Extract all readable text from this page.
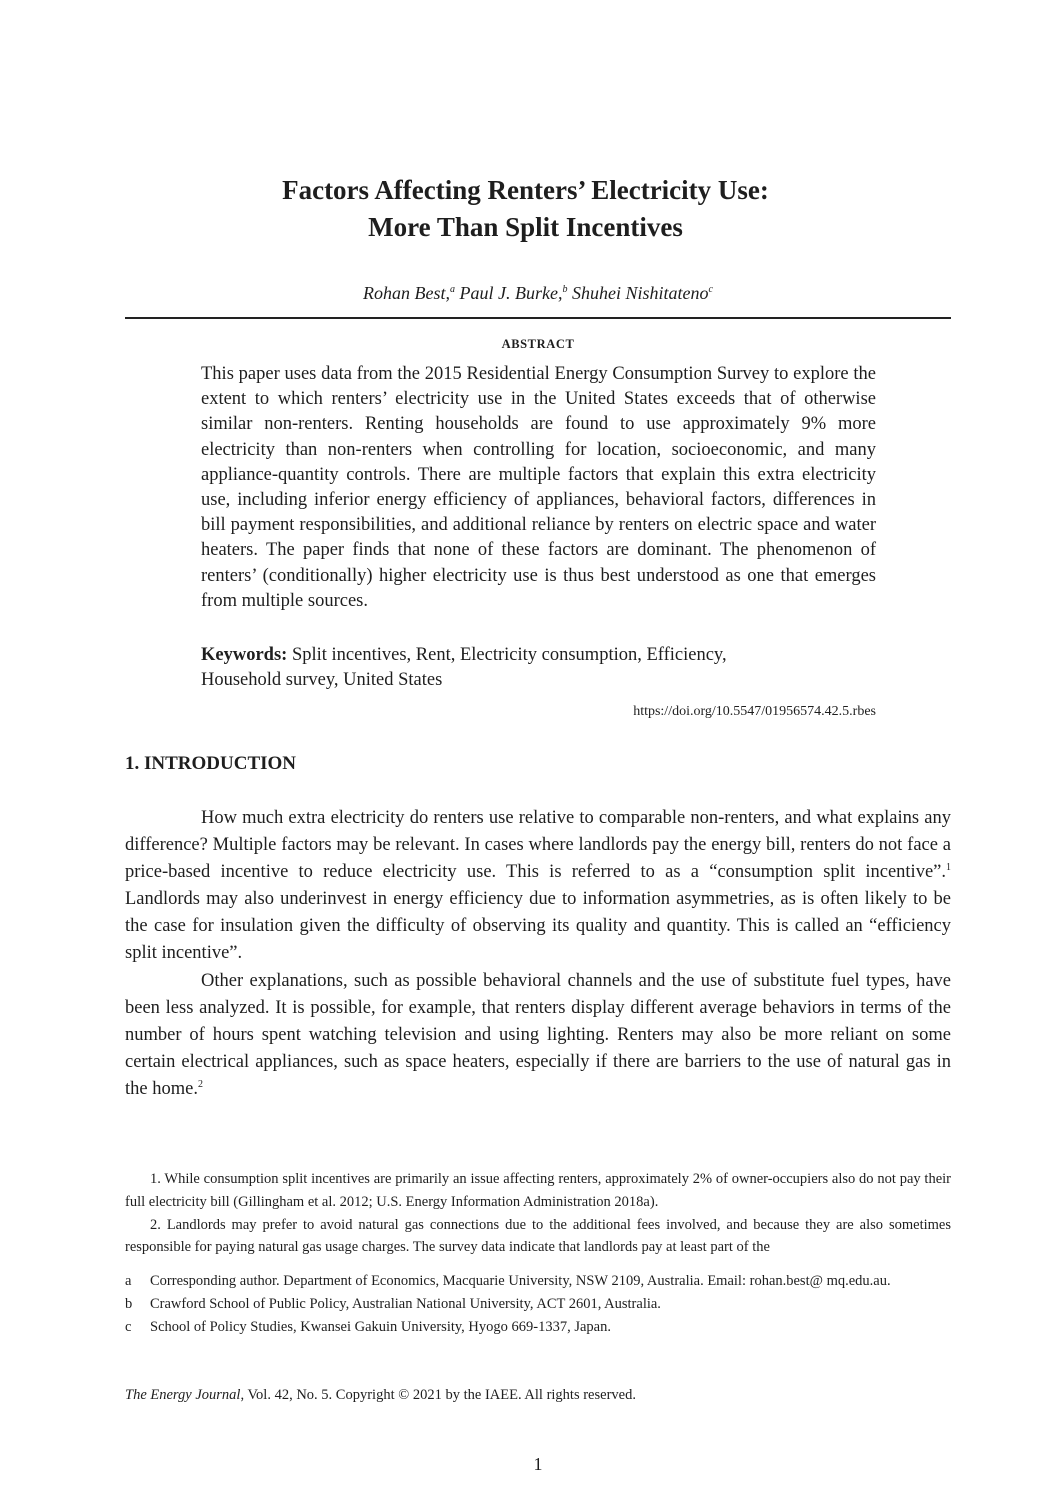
Factors Affecting Renters’ Electricity Use:
More Than Split Incentives

Rohan Best,$^a$ Paul J. Burke,$^b$ Shuhei Nishitateno$^c$

ABSTRACT

This paper uses data from the 2015 Residential Energy Consumption Survey to explore the extent to which renters’ electricity use in the United States exceeds that of otherwise similar non-renters. Renting households are found to use approximately 9% more electricity than non-renters when controlling for location, socioeconomic, and many appliance-quantity controls. There are multiple factors that explain this extra electricity use, including inferior energy efficiency of appliances, behavioral factors, differences in bill payment responsibilities, and additional reliance by renters on electric space and water heaters. The paper finds that none of these factors are dominant. The phenomenon of renters’ (conditionally) higher electricity use is thus best understood as one that emerges from multiple sources.

Keywords: Split incentives, Rent, Electricity consumption, Efficiency,
Household survey, United States

https://doi.org/10.5547/01956574.42.5.rbes

1. INTRODUCTION

How much extra electricity do renters use relative to comparable non-renters, and what explains any difference? Multiple factors may be relevant. In cases where landlords pay the energy bill, renters do not face a price-based incentive to reduce electricity use. This is referred to as a “consumption split incentive”.$^1$ Landlords may also underinvest in energy efficiency due to information asymmetries, as is often likely to be the case for insulation given the difficulty of observing its quality and quantity. This is called an “efficiency split incentive”.

Other explanations, such as possible behavioral channels and the use of substitute fuel types, have been less analyzed. It is possible, for example, that renters display different average behaviors in terms of the number of hours spent watching television and using lighting. Renters may also be more reliant on some certain electrical appliances, such as space heaters, especially if there are barriers to the use of natural gas in the home.$^2$

1. While consumption split incentives are primarily an issue affecting renters, approximately 2% of owner-occupiers also do not pay their full electricity bill (Gillingham et al. 2012; U.S. Energy Information Administration 2018a).

2. Landlords may prefer to avoid natural gas connections due to the additional fees involved, and because they are also sometimes responsible for paying natural gas usage charges. The survey data indicate that landlords pay at least part of the

a	Corresponding author. Department of Economics, Macquarie University, NSW 2109, Australia. Email: rohan.best@ mq.edu.au.
b	Crawford School of Public Policy, Australian National University, ACT 2601, Australia.
c	School of Policy Studies, Kwansei Gakuin University, Hyogo 669-1337, Japan.

The Energy Journal, Vol. 42, No. 5. Copyright © 2021 by the IAEE. All rights reserved.

1
